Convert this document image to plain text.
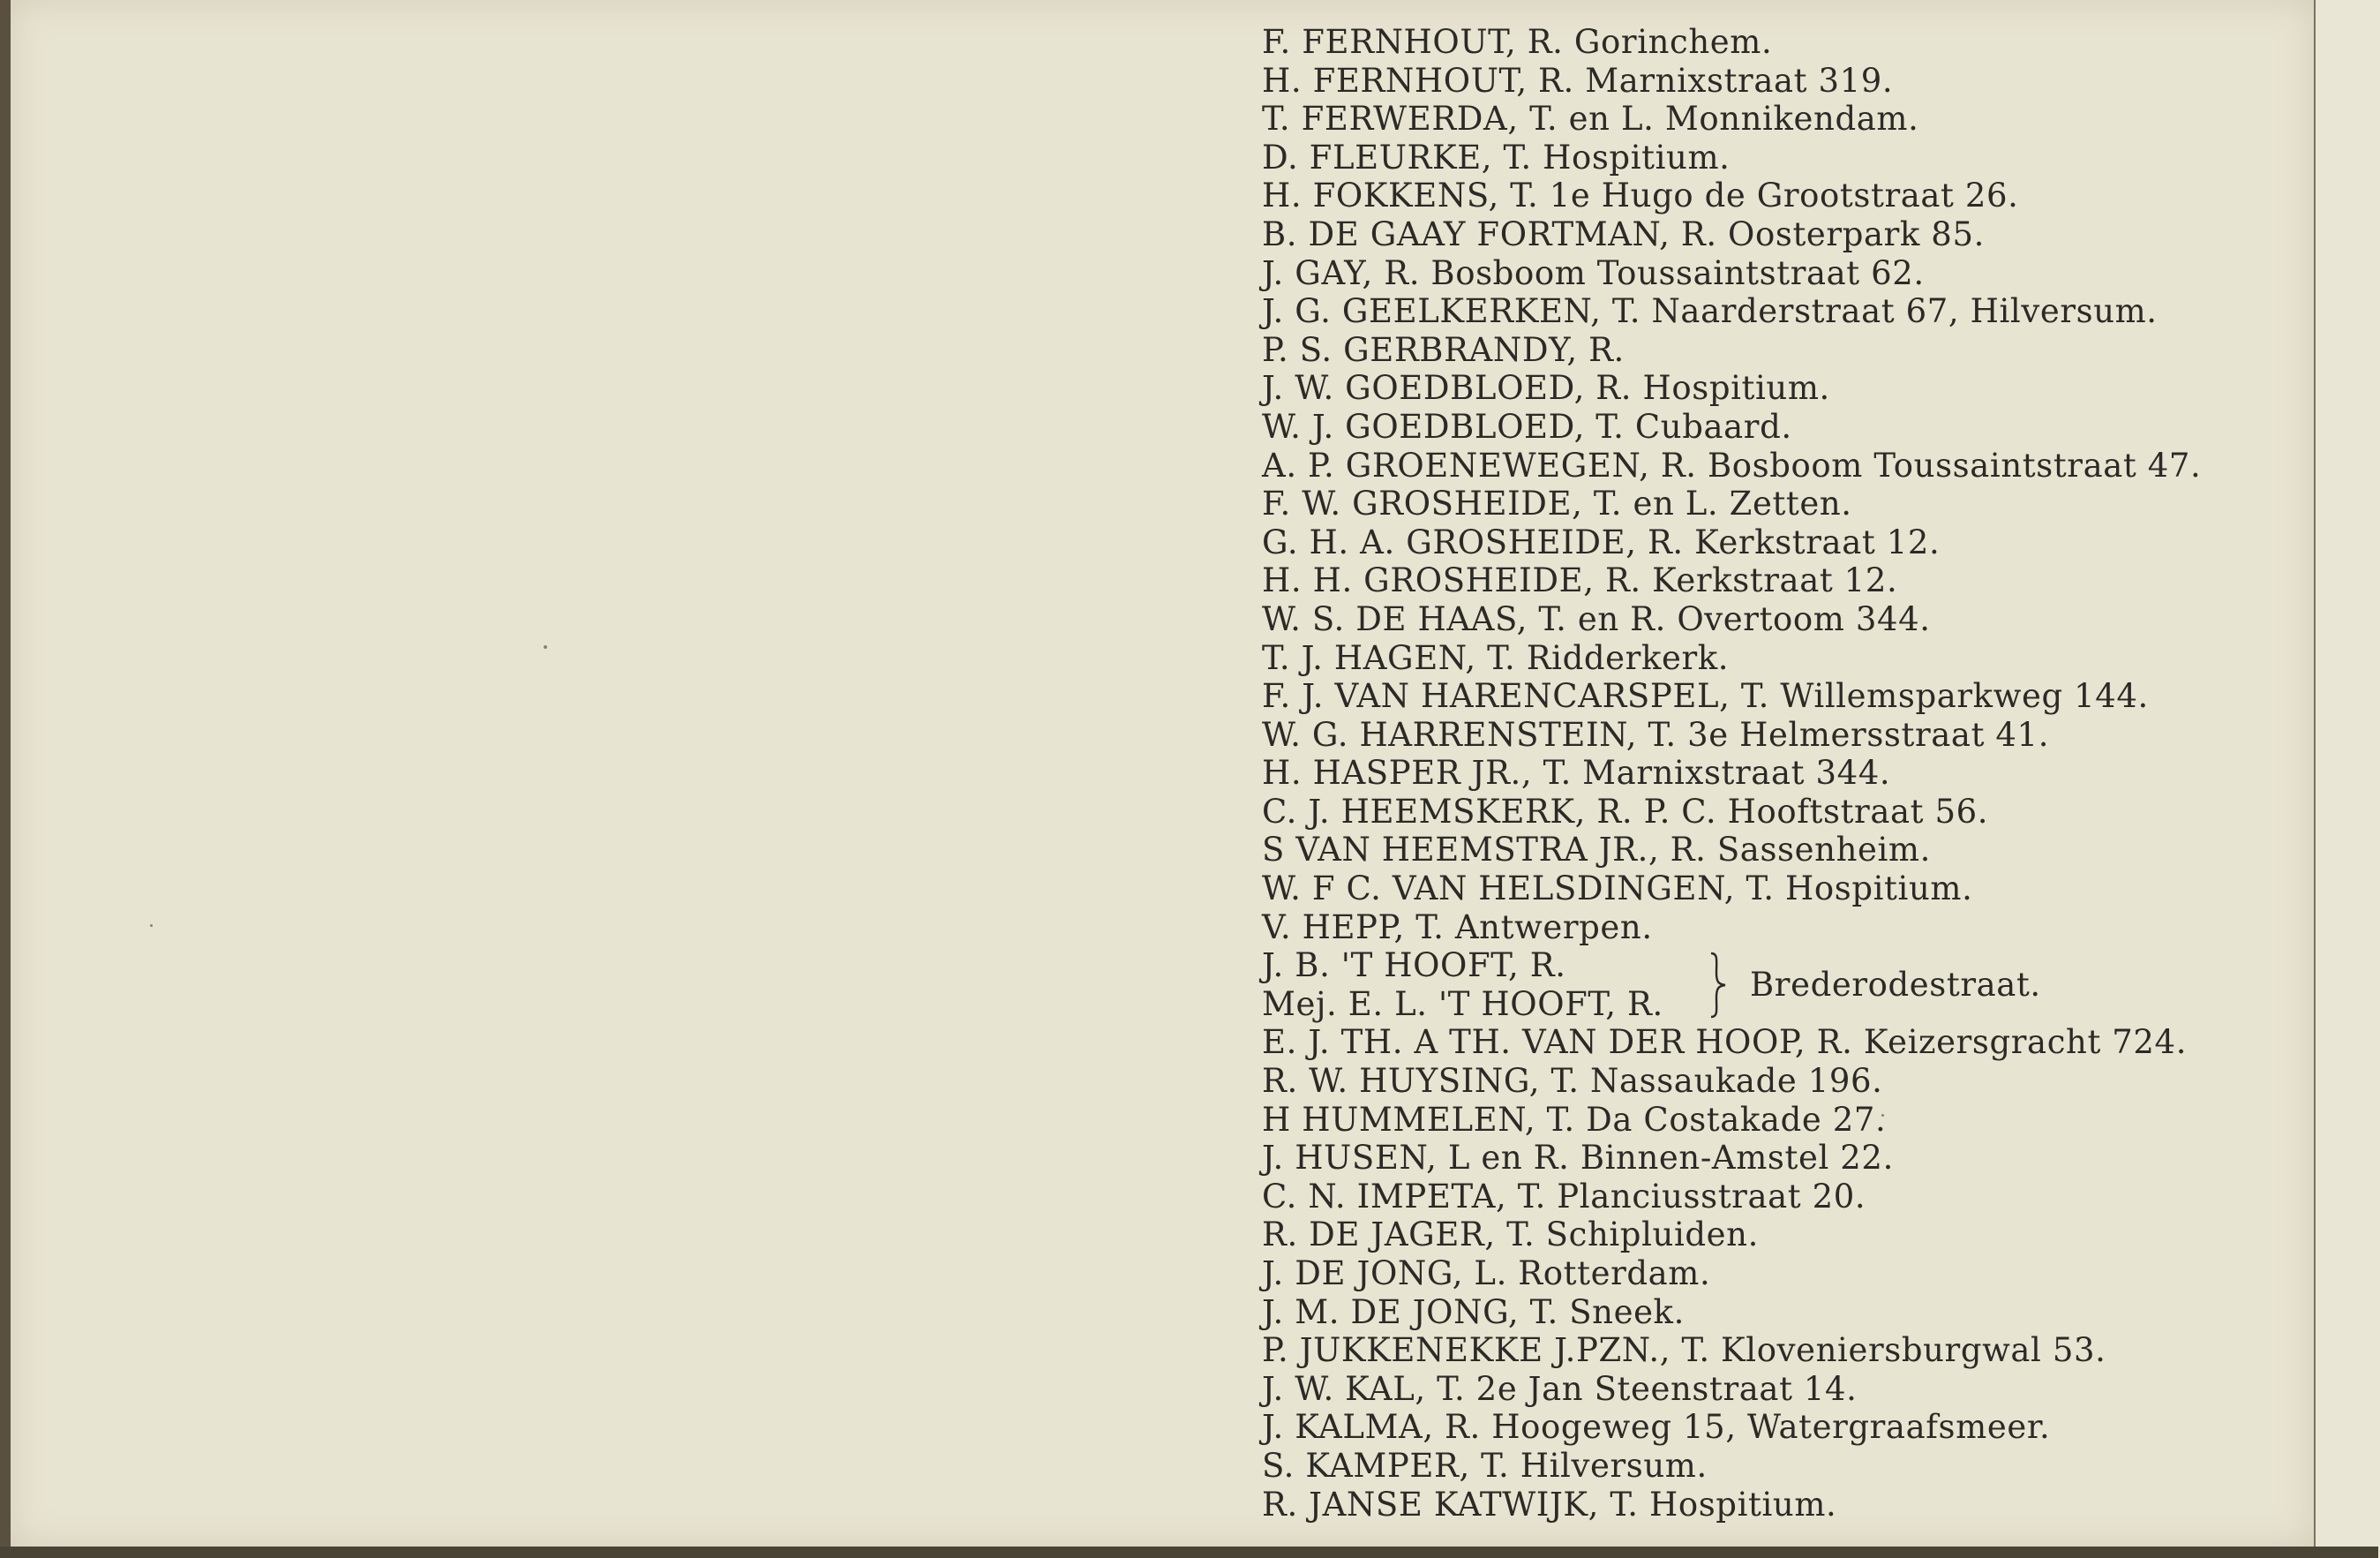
F. FERNHOUT, R. Gorinchem.
H. FERNHOUT, R. Marnixstraat 319.
T. FERWERDA, T. en L. Monnikendam.
D. FLEURKE, T. Hospitium.
H. FOKKENS, T. 1e Hugo de Grootstraat 26.
B. DE GAAY FORTMAN, R. Oosterpark 85.
J. GAY, R. Bosboom Toussaintstraat 62.
J. G. GEELKERKEN, T. Naarderstraat 67, Hilversum.
P. S. GERBRANDY, R.
J. W. GOEDBLOED, R. Hospitium.
W. J. GOEDBLOED, T. Cubaard.
A. P. GROENEWEGEN, R. Bosboom Toussaintstraat 47.
F. W. GROSHEIDE, T. en L. Zetten.
G. H. A. GROSHEIDE, R. Kerkstraat 12.
H. H. GROSHEIDE, R. Kerkstraat 12.
W. S. DE HAAS, T. en R. Overtoom 344.
T. J. HAGEN, T. Ridderkerk.
F. J. VAN HARENCARSPEL, T. Willemsparkweg 144.
W. G. HARRENSTEIN, T. 3e Helmersstraat 41.
H. HASPER JR., T. Marnixstraat 344.
C. J. HEEMSKERK, R. P. C. Hooftstraat 56.
S VAN HEEMSTRA JR., R. Sassenheim.
W. F C. VAN HELSDINGEN, T. Hospitium.
V. HEPP, T. Antwerpen.
J. B. 'T HOOFT, R.
Mej. E. L. 'T HOOFT, R.
Brederodestraat.
E. J. TH. A TH. VAN DER HOOP, R. Keizersgracht 724.
R. W. HUYSING, T. Nassaukade 196.
H HUMMELEN, T. Da Costakade 27.
J. HUSEN, L en R. Binnen-Amstel 22.
C. N. IMPETA, T. Planciusstraat 20.
R. DE JAGER, T. Schipluiden.
J. DE JONG, L. Rotterdam.
J. M. DE JONG, T. Sneek.
P. JUKKENEKKE J.PZN., T. Kloveniersburgwal 53.
J. W. KAL, T. 2e Jan Steenstraat 14.
J. KALMA, R. Hoogeweg 15, Watergraafsmeer.
S. KAMPER, T. Hilversum.
